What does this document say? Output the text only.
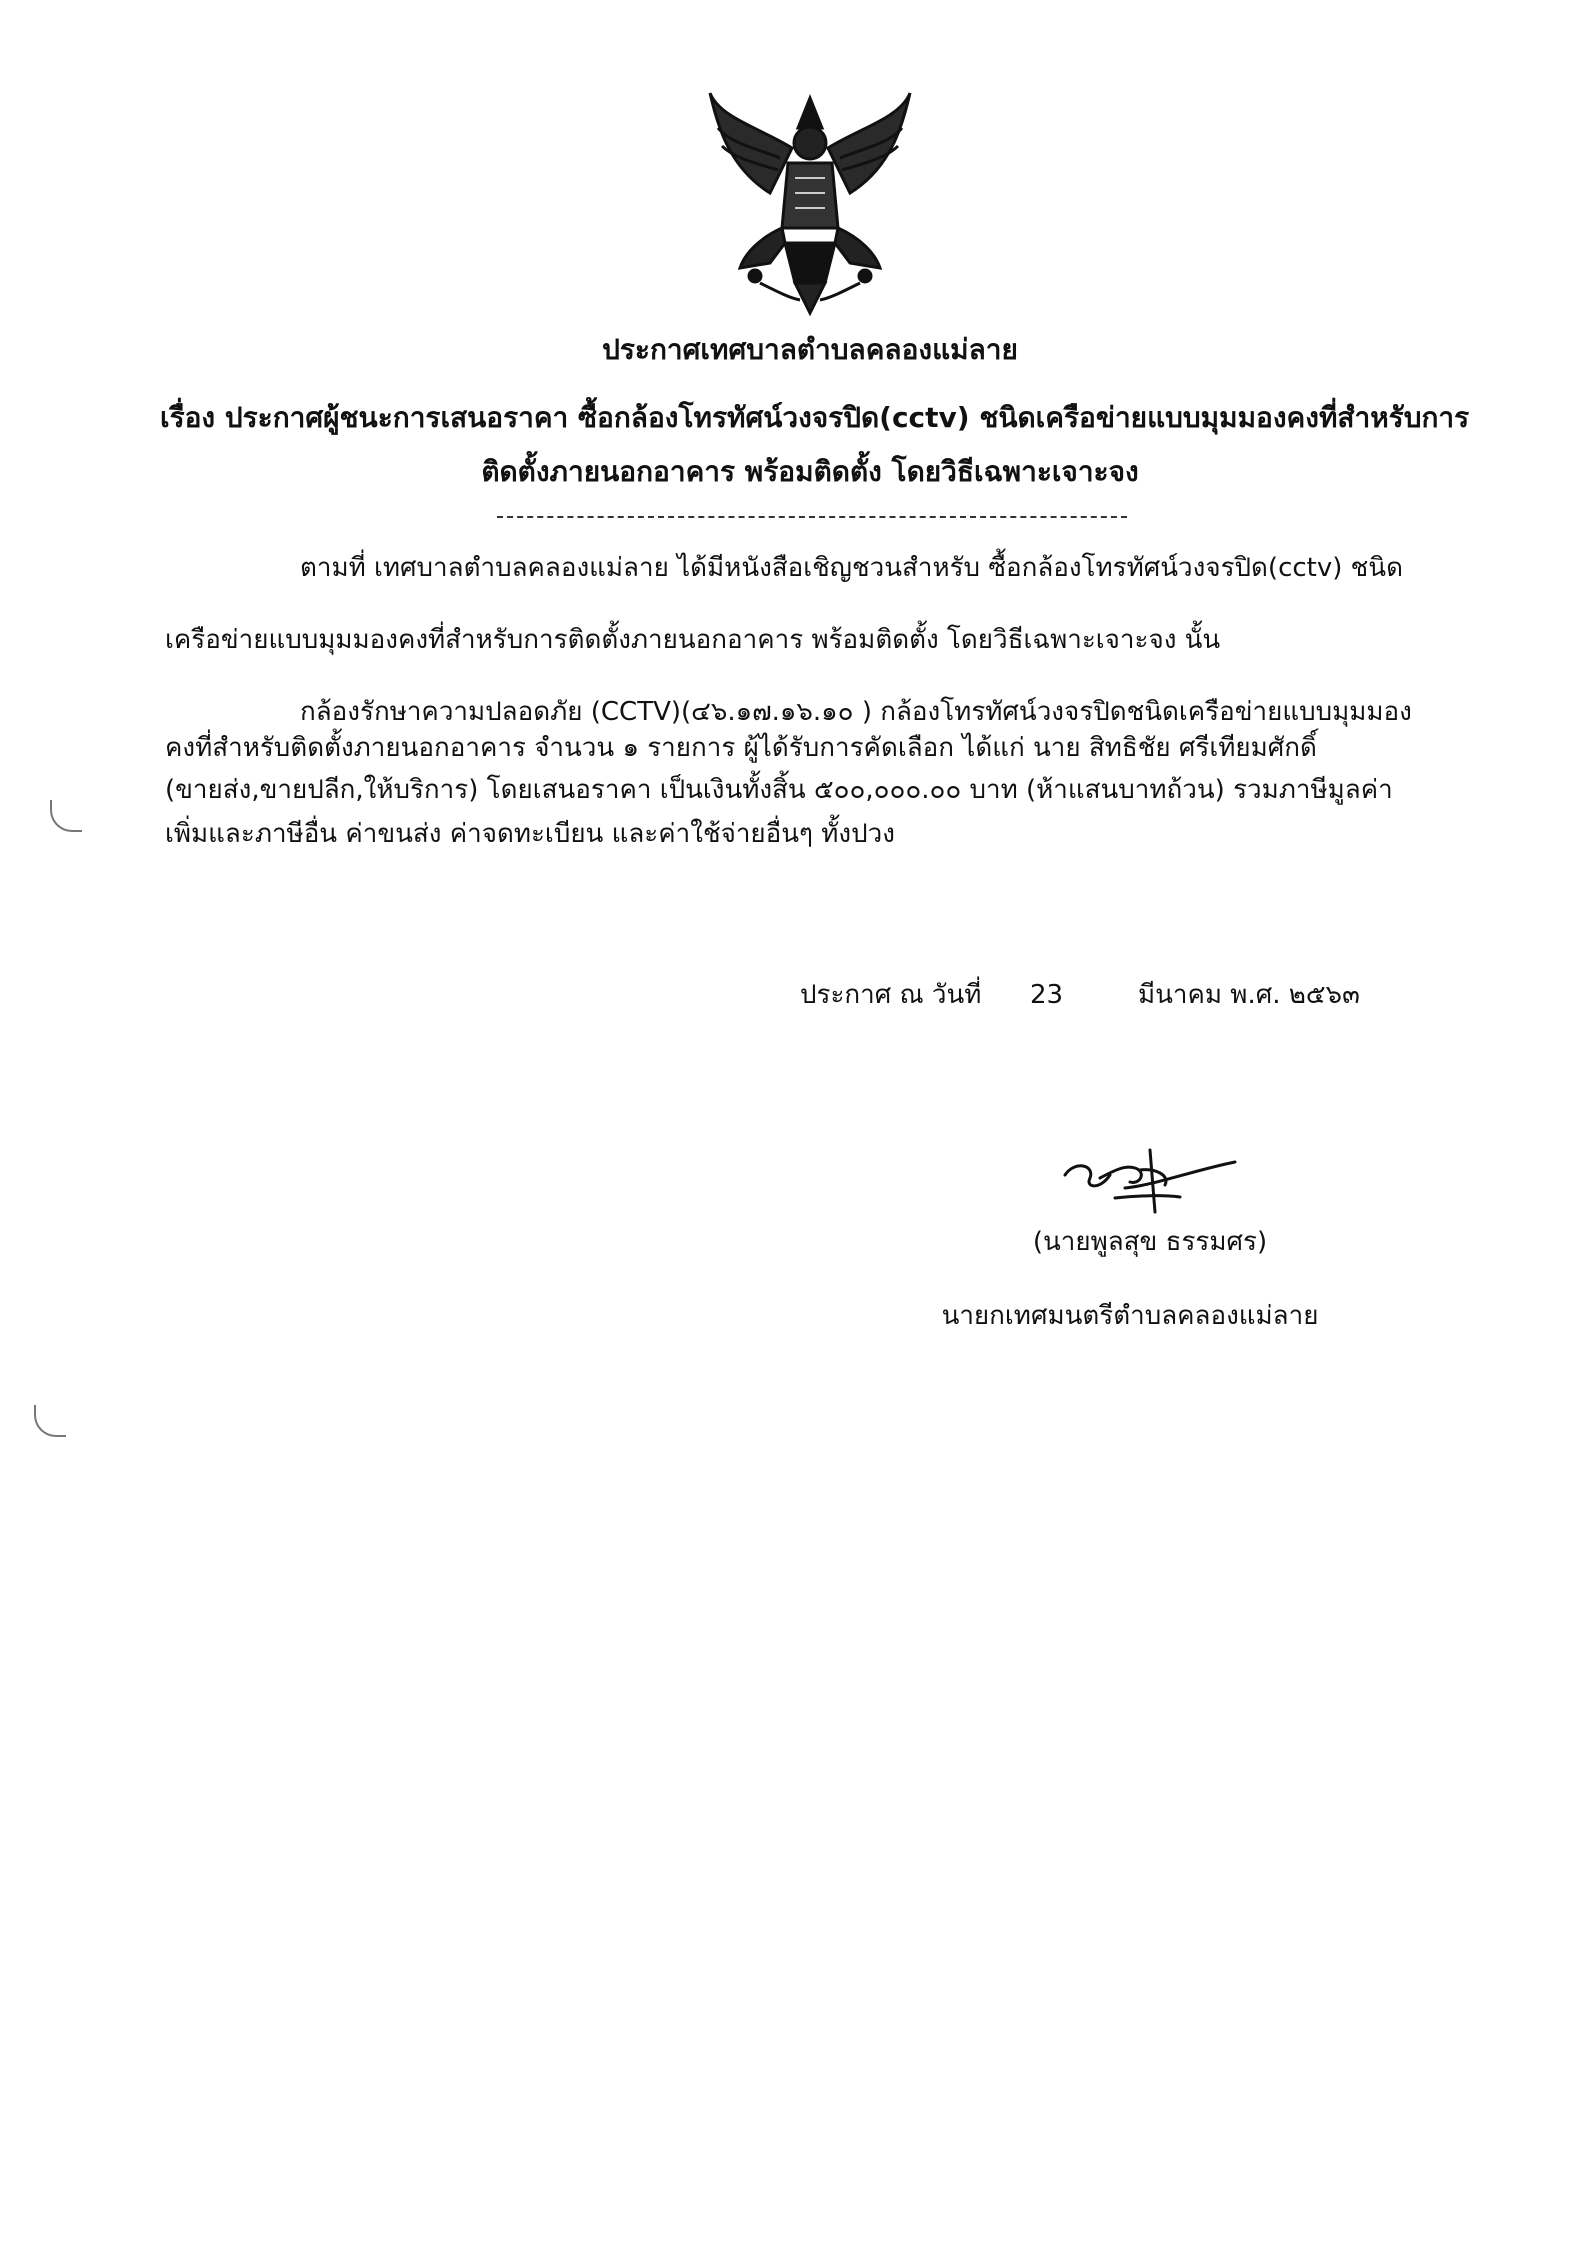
ประกาศเทศบาลตำบลคลองแม่ลาย
เรื่อง ประกาศผู้ชนะการเสนอราคา ซื้อกล้องโทรทัศน์วงจรปิด(cctv) ชนิดเครือข่ายแบบมุมมองคงที่สำหรับการ
ติดตั้งภายนอกอาคาร พร้อมติดตั้ง โดยวิธีเฉพาะเจาะจง
ตามที่ เทศบาลตำบลคลองแม่ลาย ได้มีหนังสือเชิญชวนสำหรับ ซื้อกล้องโทรทัศน์วงจรปิด(cctv) ชนิด
เครือข่ายแบบมุมมองคงที่สำหรับการติดตั้งภายนอกอาคาร พร้อมติดตั้ง โดยวิธีเฉพาะเจาะจง นั้น
กล้องรักษาความปลอดภัย (CCTV)(๔๖.๑๗.๑๖.๑๐ ) กล้องโทรทัศน์วงจรปิดชนิดเครือข่ายแบบมุมมอง
คงที่สำหรับติดตั้งภายนอกอาคาร จำนวน ๑ รายการ ผู้ได้รับการคัดเลือก ได้แก่ นาย สิทธิชัย ศรีเทียมศักดิ์
(ขายส่ง,ขายปลีก,ให้บริการ) โดยเสนอราคา เป็นเงินทั้งสิ้น ๕๐๐,๐๐๐.๐๐ บาท (ห้าแสนบาทถ้วน) รวมภาษีมูลค่า
เพิ่มและภาษีอื่น ค่าขนส่ง ค่าจดทะเบียน และค่าใช้จ่ายอื่นๆ ทั้งปวง
ประกาศ ณ วันที่ 23	มีนาคม พ.ศ. ๒๕๖๓
(นายพูลสุข ธรรมศร)
นายกเทศมนตรีตำบลคลองแม่ลาย
